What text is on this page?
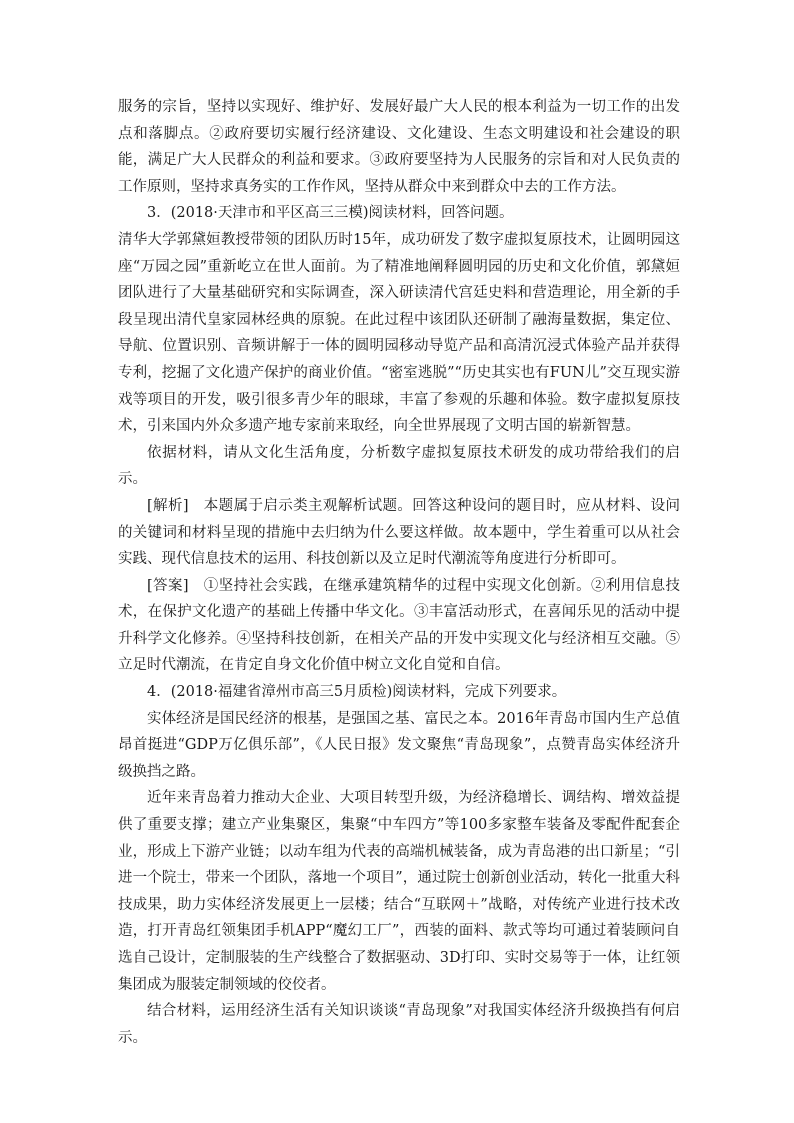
服务的宗旨，坚持以实现好、维护好、发展好最广大人民的根本利益为一切工作的出发点和落脚点。②政府要切实履行经济建设、文化建设、生态文明建设和社会建设的职能，满足广大人民群众的利益和要求。③政府要坚持为人民服务的宗旨和对人民负责的工作原则，坚持求真务实的工作作风，坚持从群众中来到群众中去的工作方法。

3．(2018·天津市和平区高三三模)阅读材料，回答问题。

清华大学郭黛姮教授带领的团队历时15年，成功研发了数字虚拟复原技术，让圆明园这座“万园之园”重新屹立在世人面前。为了精准地阐释圆明园的历史和文化价值，郭黛姮团队进行了大量基础研究和实际调查，深入研读清代宫廷史料和营造理论，用全新的手段呈现出清代皇家园林经典的原貌。在此过程中该团队还研制了融海量数据，集定位、导航、位置识别、音频讲解于一体的圆明园移动导览产品和高清沉浸式体验产品并获得专利，挖掘了文化遗产保护的商业价值。“密室逃脱”“历史其实也有FUN儿”交互现实游戏等项目的开发，吸引很多青少年的眼球，丰富了参观的乐趣和体验。数字虚拟复原技术，引来国内外众多遗产地专家前来取经，向全世界展现了文明古国的崭新智慧。

依据材料，请从文化生活角度，分析数字虚拟复原技术研发的成功带给我们的启示。

[解析]　本题属于启示类主观解析试题。回答这种设问的题目时，应从材料、设问的关键词和材料呈现的措施中去归纳为什么要这样做。故本题中，学生着重可以从社会实践、现代信息技术的运用、科技创新以及立足时代潮流等角度进行分析即可。

[答案]　①坚持社会实践，在继承建筑精华的过程中实现文化创新。②利用信息技术，在保护文化遗产的基础上传播中华文化。③丰富活动形式，在喜闻乐见的活动中提升科学文化修养。④坚持科技创新，在相关产品的开发中实现文化与经济相互交融。⑤立足时代潮流，在肯定自身文化价值中树立文化自觉和自信。

4．(2018·福建省漳州市高三5月质检)阅读材料，完成下列要求。

实体经济是国民经济的根基，是强国之基、富民之本。2016年青岛市国内生产总值昂首挺进“GDP万亿俱乐部”，《人民日报》发文聚焦“青岛现象”，点赞青岛实体经济升级换挡之路。

近年来青岛着力推动大企业、大项目转型升级，为经济稳增长、调结构、增效益提供了重要支撑；建立产业集聚区，集聚“中车四方”等100多家整车装备及零配件配套企业，形成上下游产业链；以动车组为代表的高端机械装备，成为青岛港的出口新星；“引进一个院士，带来一个团队，落地一个项目”，通过院士创新创业活动，转化一批重大科技成果，助力实体经济发展更上一层楼；结合“互联网＋”战略，对传统产业进行技术改造，打开青岛红领集团手机APP“魔幻工厂”，西装的面料、款式等均可通过着装顾问自选自己设计，定制服装的生产线整合了数据驱动、3D打印、实时交易等于一体，让红领集团成为服装定制领域的佼佼者。

结合材料，运用经济生活有关知识谈谈“青岛现象”对我国实体经济升级换挡有何启示。
